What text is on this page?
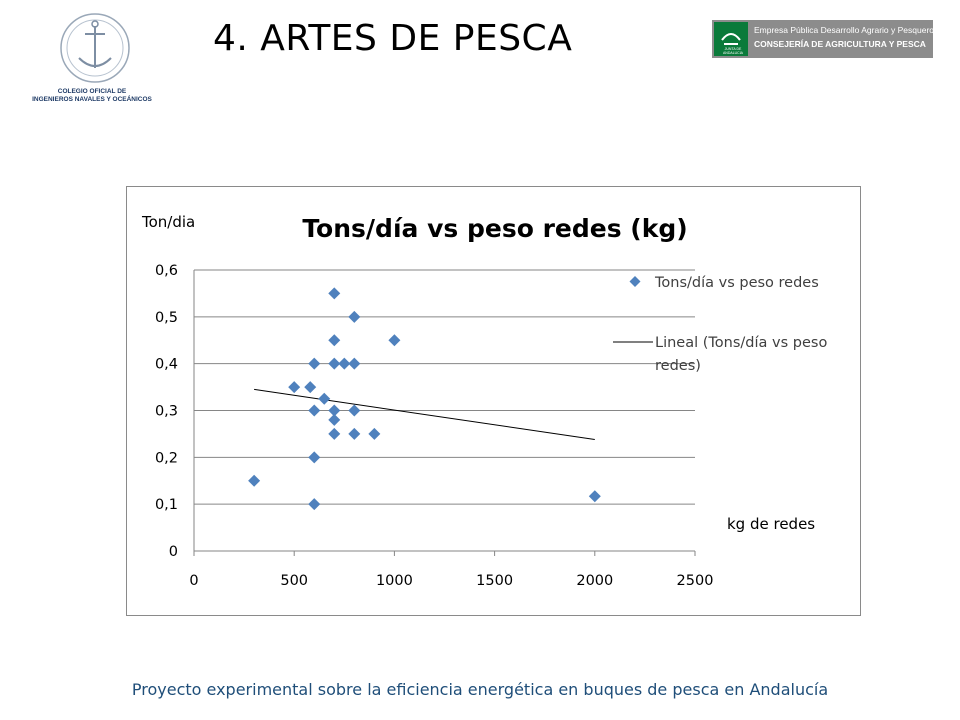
COLEGIO OFICIAL DE
INGENIEROS NAVALES Y OCEÁNICOS
4. ARTES DE PESCA	JUNTA DE ANDALUCIA
Empresa Pública Desarrollo Agrario y Pesquero
CONSEJERÍA DE AGRICULTURA Y PESCA
Tons/día vs peso redes (kg)
Ton/dia
kg de redes
0
0,1
0,2
0,3
0,4
0,5
0,6
0	500	1000	1500	2000	2500
Tons/día vs peso redes
Lineal (Tons/día vs peso redes)
Proyecto experimental sobre la eficiencia energética en buques de pesca en Andalucía
